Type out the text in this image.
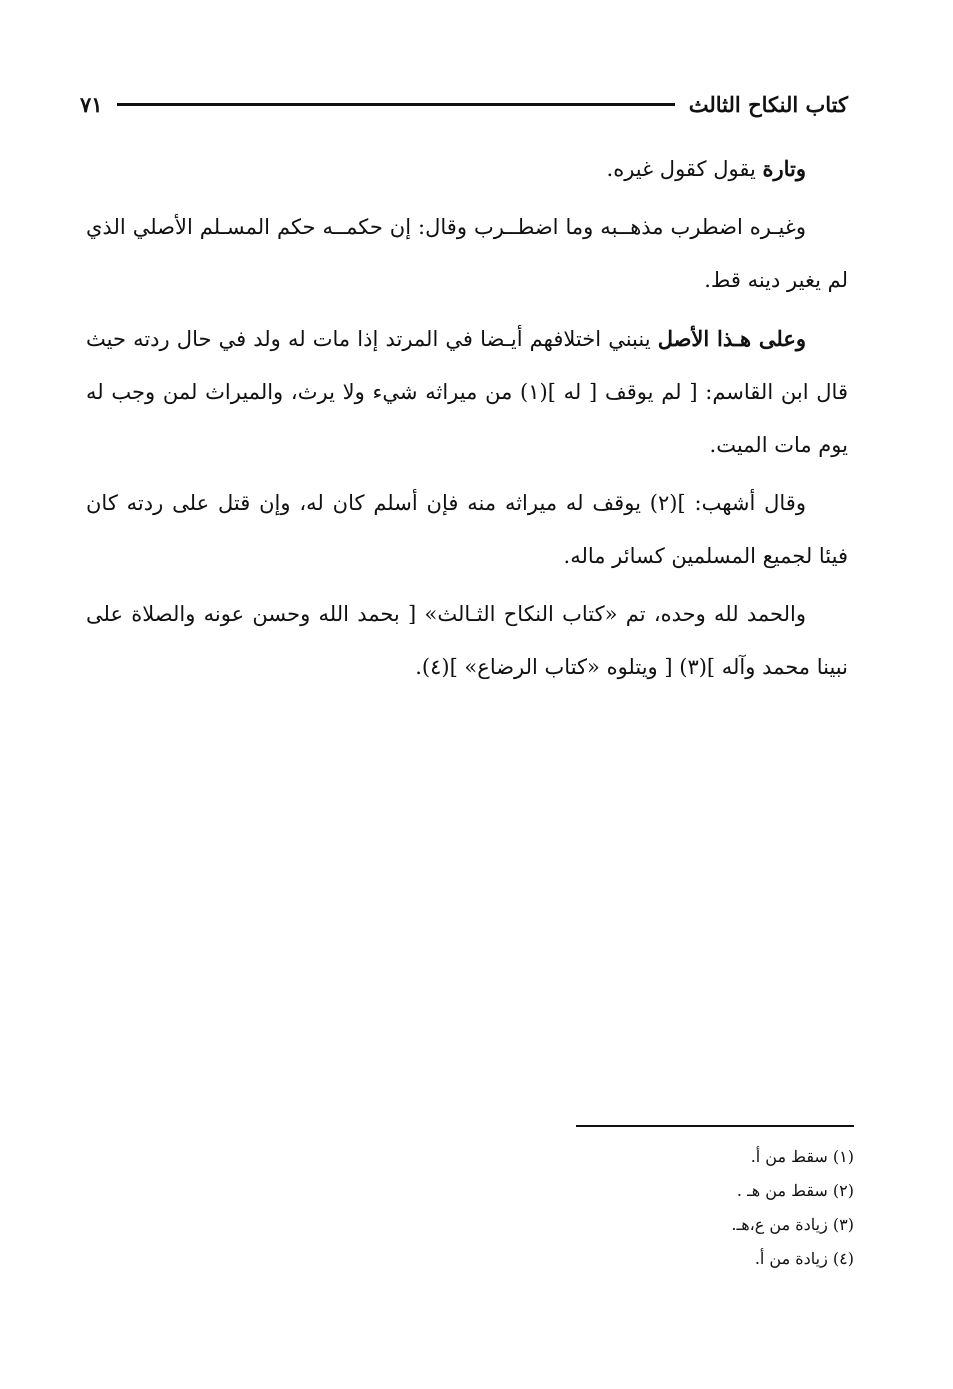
كتاب النكاح الثالث
٧١

وتارة يقول كقول غيره.

وغيـره اضطرب مذهــبه وما اضطــرب وقال: إن حكمــه حكم المسـلم الأصلي الذي لم يغير دينه قط.

وعلى هـذا الأصل ينبني اختلافهم أيـضا في المرتد إذا مات له ولد في حال ردته حيث قال ابن القاسم: [ لم يوقف [ له ](١) من ميراثه شيء ولا يرث، والميراث لمن وجب له يوم مات الميت.

وقال أشهب: ](٢) يوقف له ميراثه منه فإن أسلم كان له، وإن قتل على ردته كان فيئا لجميع المسلمين كسائر ماله.

والحمد لله وحده، تم «كتاب النكاح الثـالث» [ بحمد الله وحسن عونه والصلاة على نبينا محمد وآله ](٣) [ ويتلوه «كتاب الرضاع» ](٤).

(١) سقط من أ.

(٢) سقط من هـ .

(٣) زيادة من ع،هـ.

(٤) زيادة من أ.
